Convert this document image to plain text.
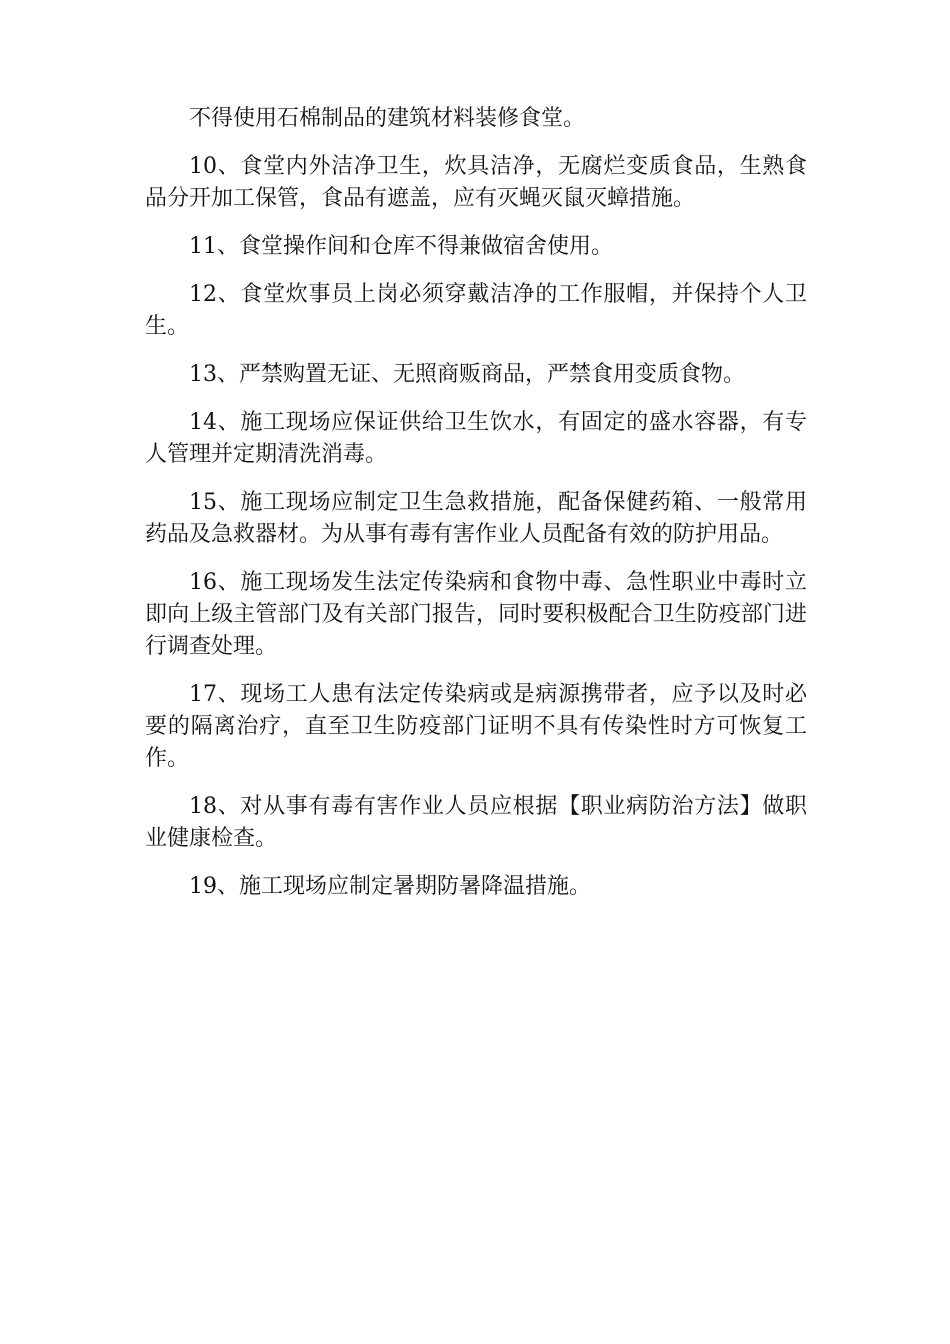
不得使用石棉制品的建筑材料装修食堂。

10、食堂内外洁净卫生，炊具洁净，无腐烂变质食品，生熟食品分开加工保管，食品有遮盖，应有灭蝇灭鼠灭蟑措施。

11、食堂操作间和仓库不得兼做宿舍使用。

12、食堂炊事员上岗必须穿戴洁净的工作服帽，并保持个人卫生。

13、严禁购置无证、无照商贩商品，严禁食用变质食物。

14、施工现场应保证供给卫生饮水，有固定的盛水容器，有专人管理并定期清洗消毒。

15、施工现场应制定卫生急救措施，配备保健药箱、一般常用药品及急救器材。为从事有毒有害作业人员配备有效的防护用品。

16、施工现场发生法定传染病和食物中毒、急性职业中毒时立即向上级主管部门及有关部门报告，同时要积极配合卫生防疫部门进行调查处理。

17、现场工人患有法定传染病或是病源携带者，应予以及时必要的隔离治疗，直至卫生防疫部门证明不具有传染性时方可恢复工作。

18、对从事有毒有害作业人员应根据【职业病防治方法】做职业健康检查。

19、施工现场应制定暑期防暑降温措施。
